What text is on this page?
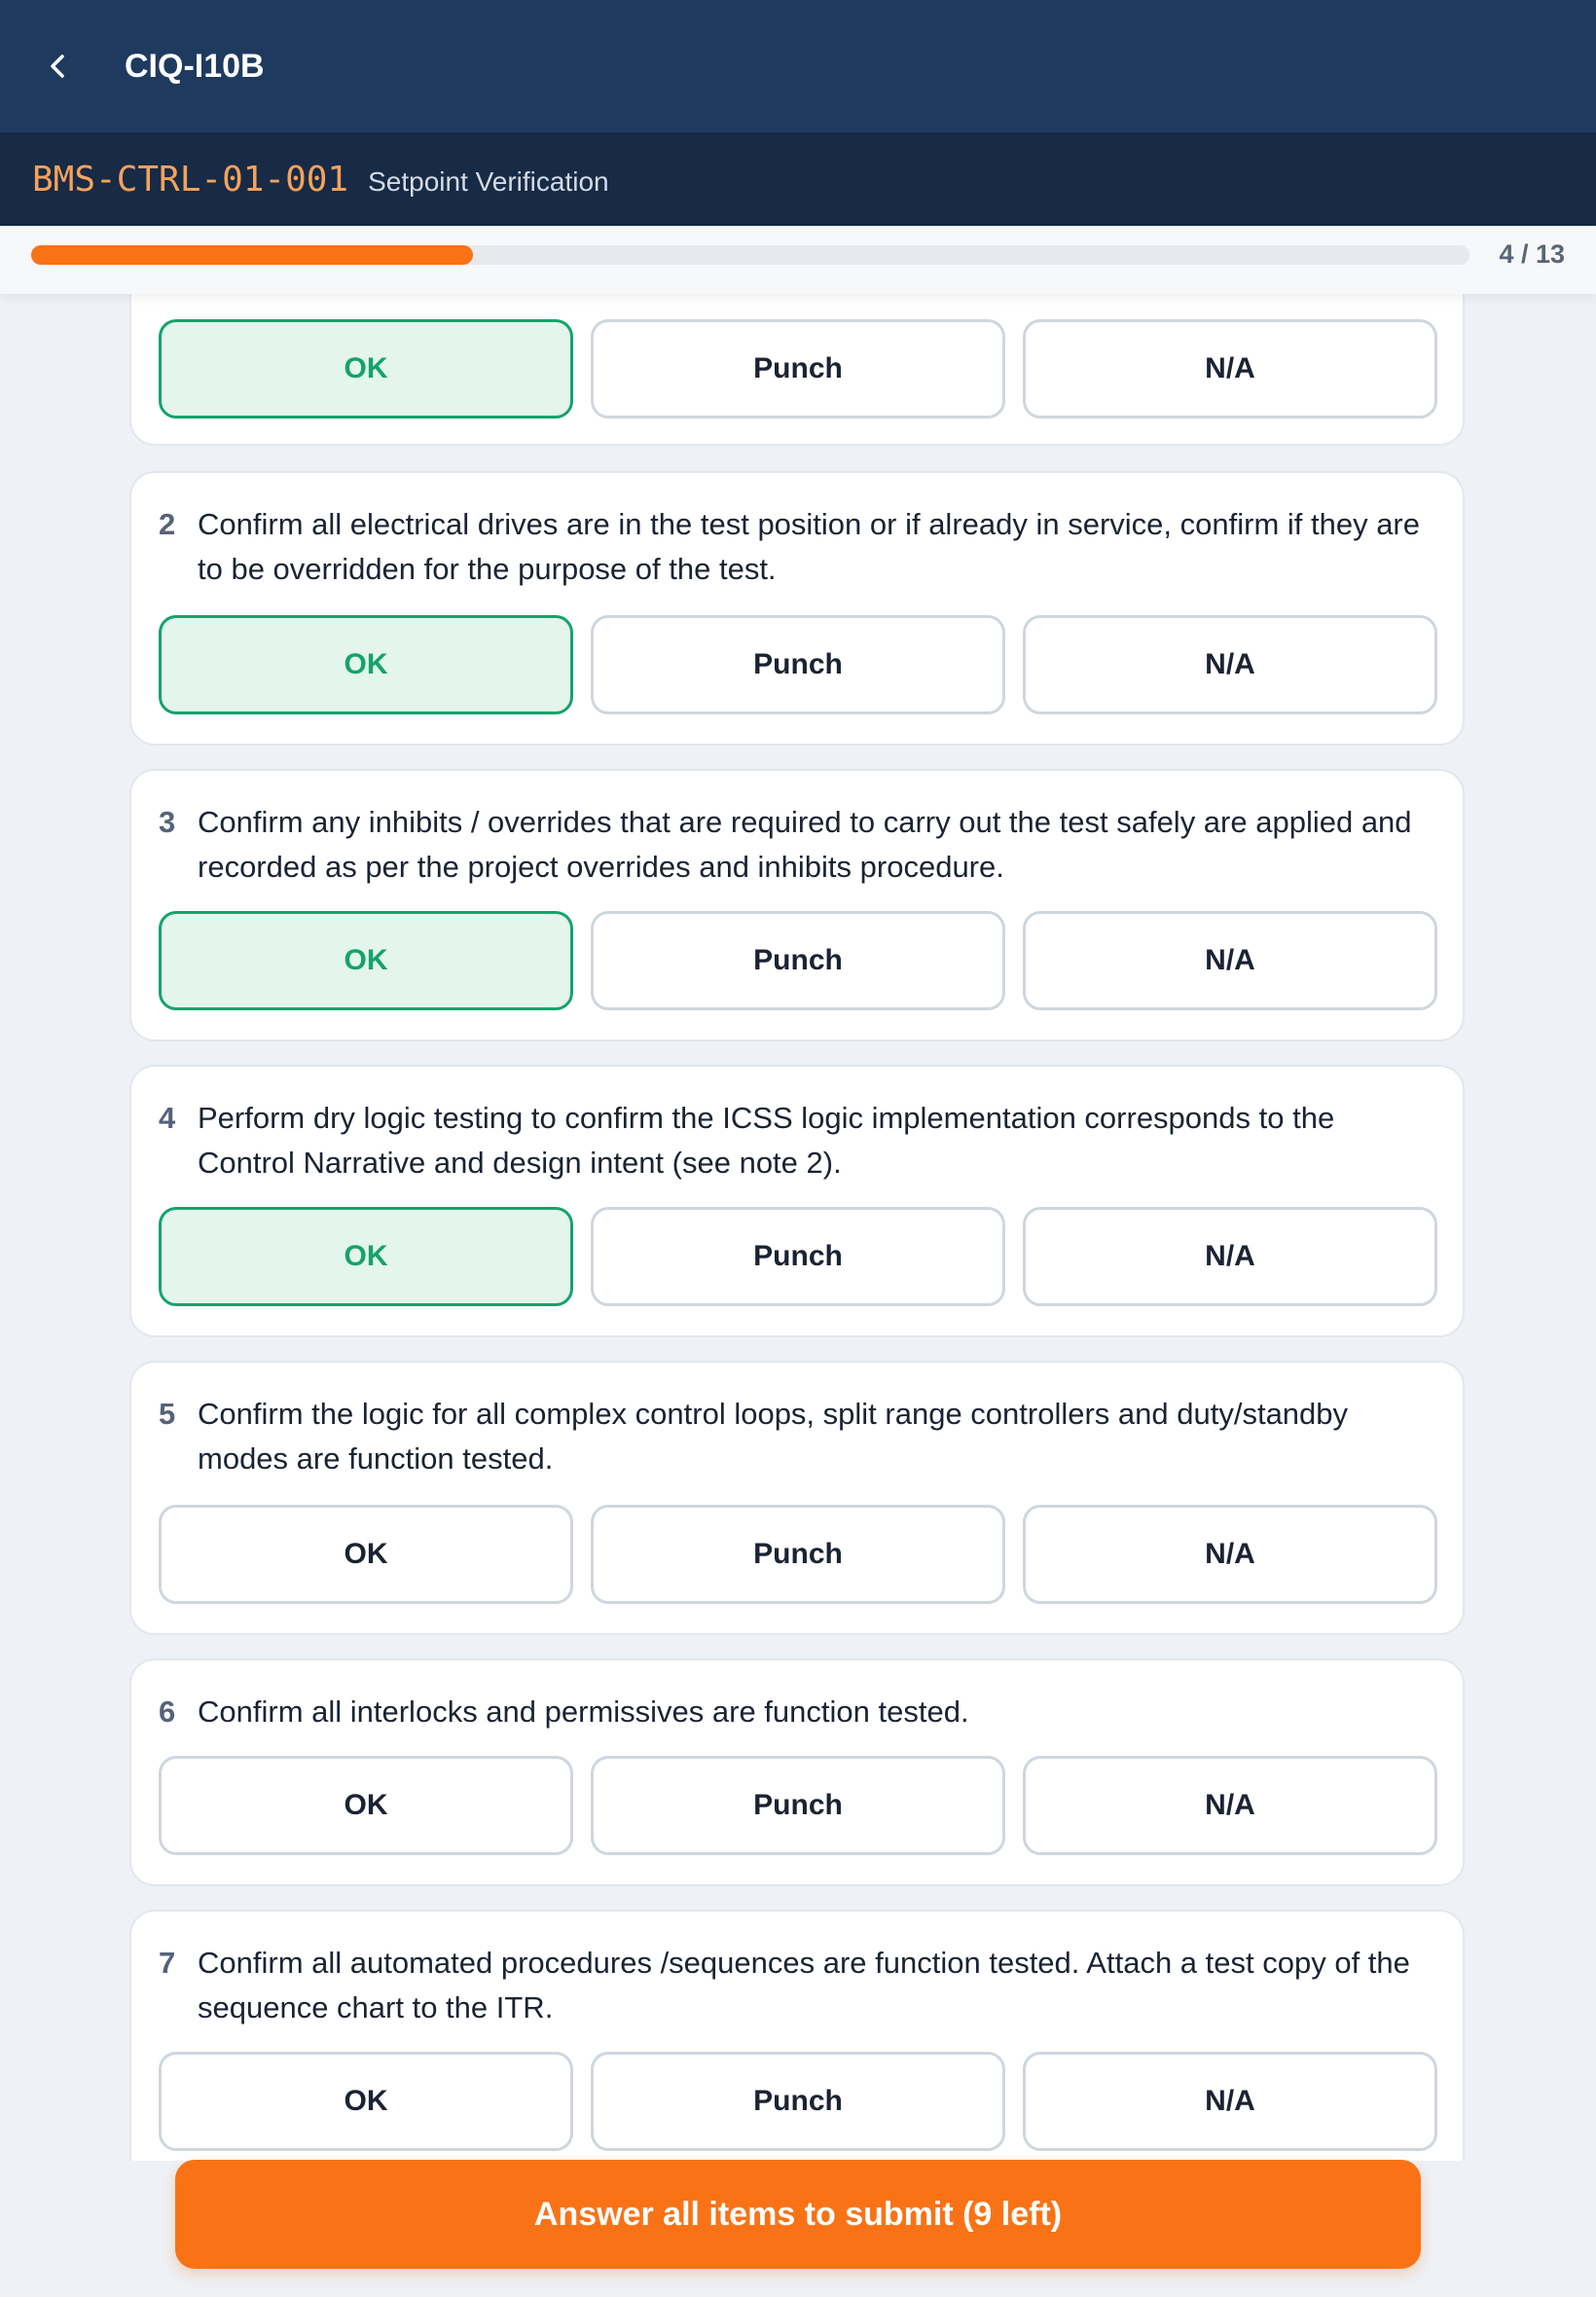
CIQ-I10B
BMS-CTRL-01-001 Setpoint Verification
4 / 13
OK	Punch	N/A
2 Confirm all electrical drives are in the test position or if already in service, confirm if they are to be overridden for the purpose of the test.
OK	Punch	N/A
3 Confirm any inhibits / overrides that are required to carry out the test safely are applied and recorded as per the project overrides and inhibits procedure.
OK	Punch	N/A
4 Perform dry logic testing to confirm the ICSS logic implementation corresponds to the Control Narrative and design intent (see note 2).
OK	Punch	N/A
5 Confirm the logic for all complex control loops, split range controllers and duty/standby modes are function tested.
OK	Punch	N/A
6 Confirm all interlocks and permissives are function tested.
OK	Punch	N/A
7 Confirm all automated procedures /sequences are function tested. Attach a test copy of the sequence chart to the ITR.
OK	Punch	N/A
Answer all items to submit (9 left)
